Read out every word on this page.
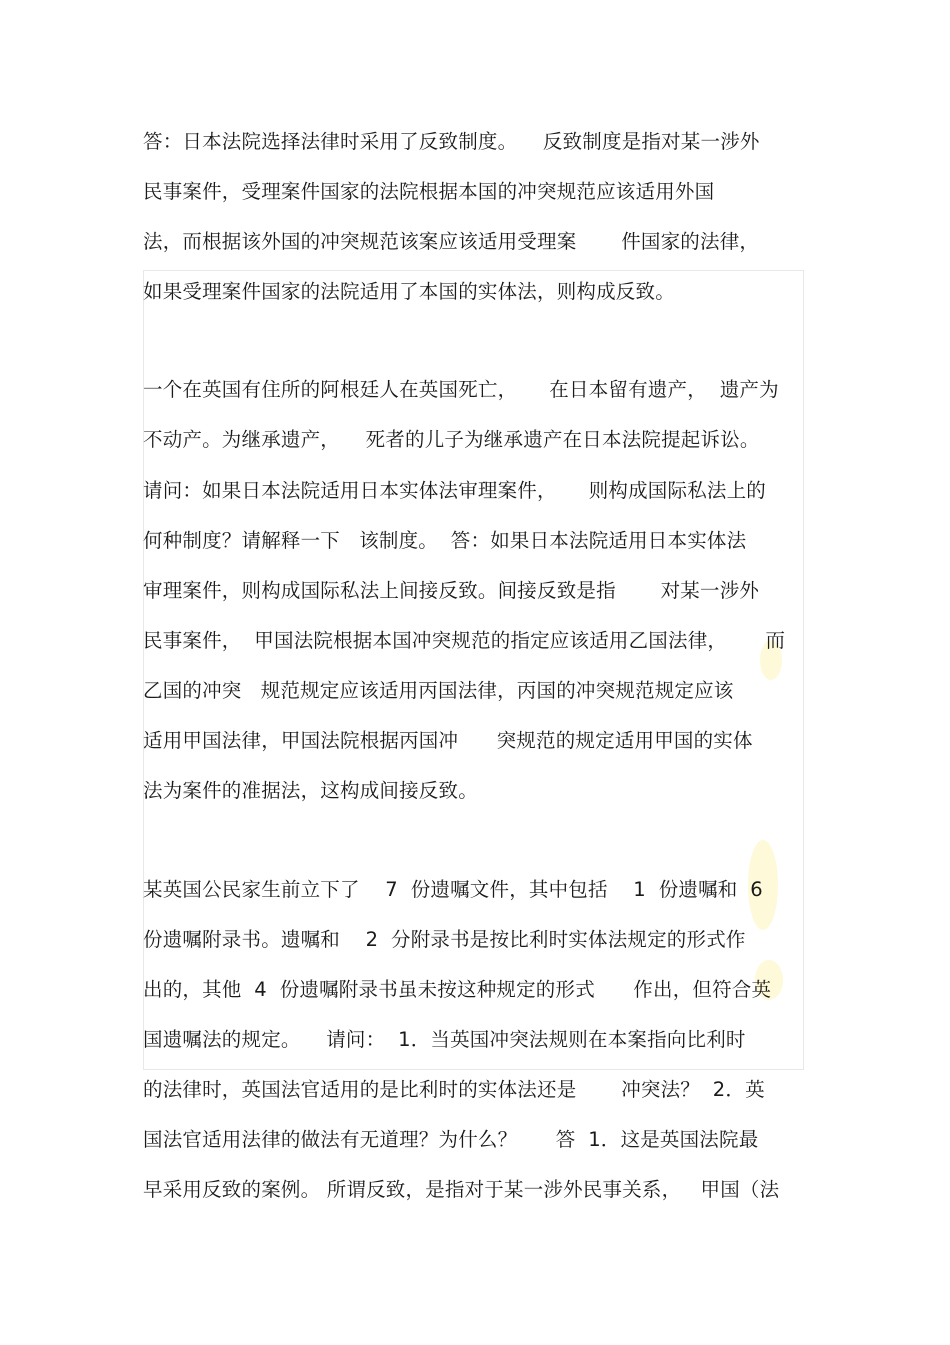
答：日本法院选择法律时采用了反致制度。    反致制度是指对某一涉外
民事案件，受理案件国家的法院根据本国的冲突规范应该适用外国
法，而根据该外国的冲突规范该案应该适用受理案       件国家的法律，
如果受理案件国家的法院适用了本国的实体法，则构成反致。
一个在英国有住所的阿根廷人在英国死亡，     在日本留有遗产，  遗产为
不动产。为继承遗产，    死者的儿子为继承遗产在日本法院提起诉讼。
请问：如果日本法院适用日本实体法审理案件，     则构成国际私法上的
何种制度？请解释一下   该制度。  答：如果日本法院适用日本实体法
审理案件，则构成国际私法上间接反致。间接反致是指       对某一涉外
民事案件，  甲国法院根据本国冲突规范的指定应该适用乙国法律，      而
乙国的冲突   规范规定应该适用丙国法律，丙国的冲突规范规定应该
适用甲国法律，甲国法院根据丙国冲      突规范的规定适用甲国的实体
法为案件的准据法，这构成间接反致。
某英国公民家生前立下了    7  份遗嘱文件，其中包括    1  份遗嘱和  6
份遗嘱附录书。遗嘱和    2  分附录书是按比利时实体法规定的形式作
出的，其他  4  份遗嘱附录书虽未按这种规定的形式      作出，但符合英
国遗嘱法的规定。    请问：  1．当英国冲突法规则在本案指向比利时
的法律时，英国法官适用的是比利时的实体法还是       冲突法？  2．英
国法官适用法律的做法有无道理？为什么？      答  1．这是英国法院最
早采用反致的案例。 所谓反致，是指对于某一涉外民事关系，   甲国（法
